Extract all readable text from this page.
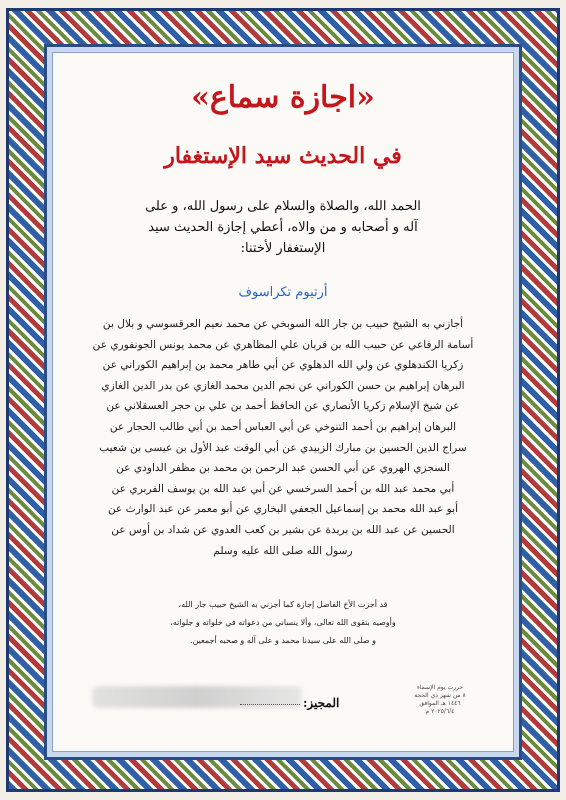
«اجازة سماع»
في الحديث سيد الإستغفار
الحمد الله، والصلاة والسلام على رسول الله، و على
آله و أصحابه و من والاه، أعطي إجازة الحديث سيد
الإستغفار لأختنا:
أرتيوم تكراسوف
أجازني به الشيخ حبيب بن جار الله السوبخي عن محمد نعيم العرقسوسي و بلال بن
أسامة الرفاعي عن حبيب الله بن قربان علي المظاهري عن محمد يونس الجونفوري عن
زكريا الكندهلوي عن ولي الله الدهلوي عن أبي طاهر محمد بن إبراهيم الكوراني عن
البرهان إبراهيم بن حسن الكوراني عن نجم الدين محمد الغازي عن بدر الدين الغازي
عن شيخ الإسلام زكريا الأنصاري عن الحافظ أحمد بن علي بن حجر العسقلاني عن
البرهان إبراهيم بن أحمد التنوخي عن أبي العباس أحمد بن أبي طالب الحجار عن
سراج الدين الحسين بن مبارك الزبيدي عن أبي الوقت عبد الأول بن عيسى بن شعيب
السجزي الهروي عن أبي الحسن عبد الرحمن بن محمد بن مظفر الداودي عن
أبي محمد عبد الله بن أحمد السرخسي عن أبي عبد الله بن يوسف الفربري عن
أبو عبد الله محمد بن إسماعيل الجعفي البخاري عن أبو معمر عن عبد الوارث عن
الحسين عن عبد الله بن بريدة عن بشير بن كعب العدوي عن شداد بن أوس عن
رسول الله صلى الله عليه وسلم
قد أجزت الأخ الفاضل إجازة كما أجزني به الشيخ حبيب جار الله،
وأوصيه بتقوى الله تعالى، وألا ينساني من دعواته في خلواته و جلواته،
و صلى الله على سيدنا محمد و على آله و صحبه أجمعين.
المجيز:
حررت يوم الإسماء
٨ من شهر ذي الحجة
١٤٤٦ هـ الموافق
٢٠٢٥/٦/٤ م
